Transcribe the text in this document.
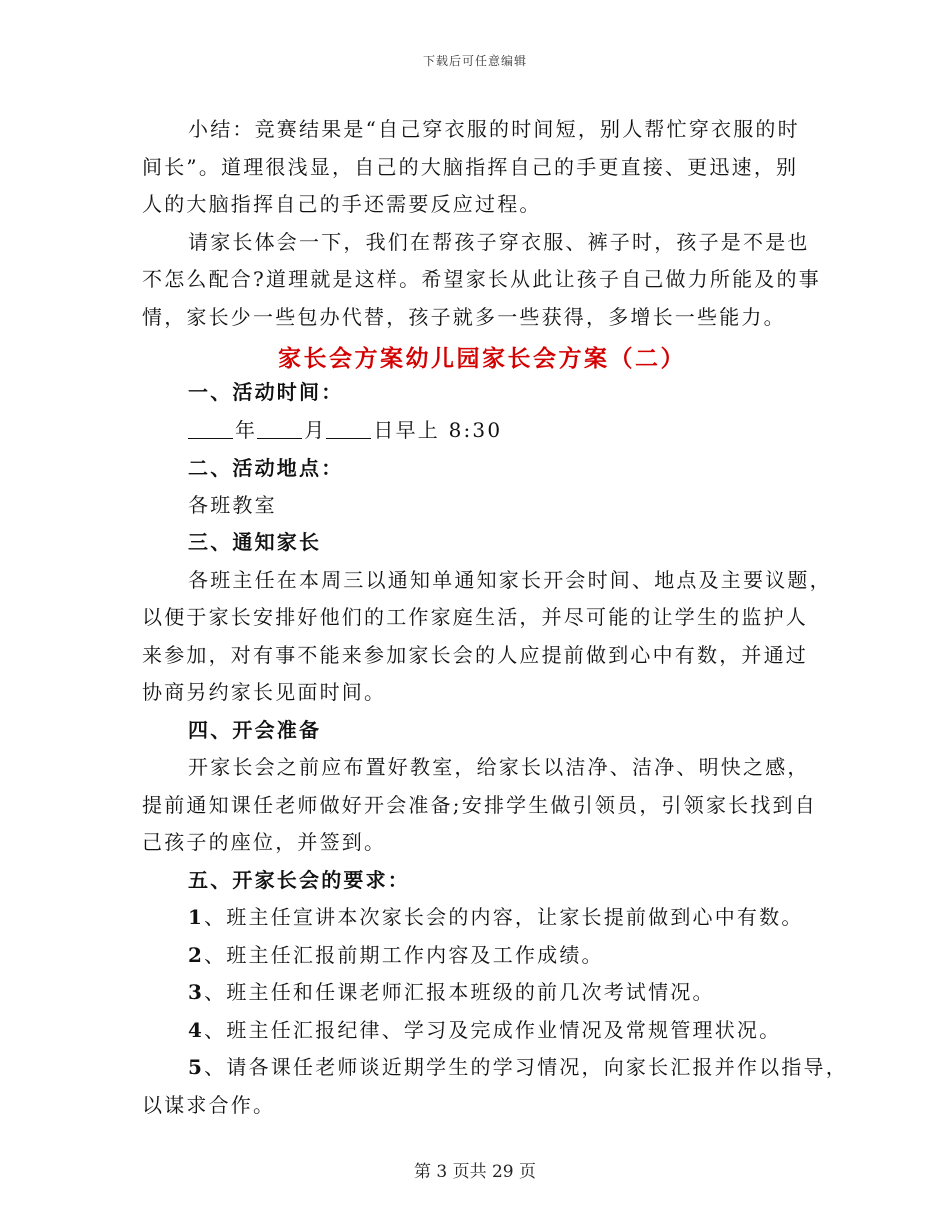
下载后可任意编辑

小结：竞赛结果是“自己穿衣服的时间短，别人帮忙穿衣服的时

间长”。道理很浅显，自己的大脑指挥自己的手更直接、更迅速，别

人的大脑指挥自己的手还需要反应过程。

请家长体会一下，我们在帮孩子穿衣服、裤子时，孩子是不是也

不怎么配合?道理就是这样。希望家长从此让孩子自己做力所能及的事

情，家长少一些包办代替，孩子就多一些获得，多增长一些能力。

家长会方案幼儿园家长会方案（二）

一、活动时间：

年 月 日早上 8:30

二、活动地点：

各班教室

三、通知家长

各班主任在本周三以通知单通知家长开会时间、地点及主要议题，

以便于家长安排好他们的工作家庭生活，并尽可能的让学生的监护人

来参加，对有事不能来参加家长会的人应提前做到心中有数，并通过

协商另约家长见面时间。

四、开会准备

开家长会之前应布置好教室，给家长以洁净、洁净、明快之感，

提前通知课任老师做好开会准备;安排学生做引领员，引领家长找到自

己孩子的座位，并签到。

五、开家长会的要求：

1、班主任宣讲本次家长会的内容，让家长提前做到心中有数。

2、班主任汇报前期工作内容及工作成绩。

3、班主任和任课老师汇报本班级的前几次考试情况。

4、班主任汇报纪律、学习及完成作业情况及常规管理状况。

5、请各课任老师谈近期学生的学习情况，向家长汇报并作以指导，

以谋求合作。

第 3 页共 29 页
